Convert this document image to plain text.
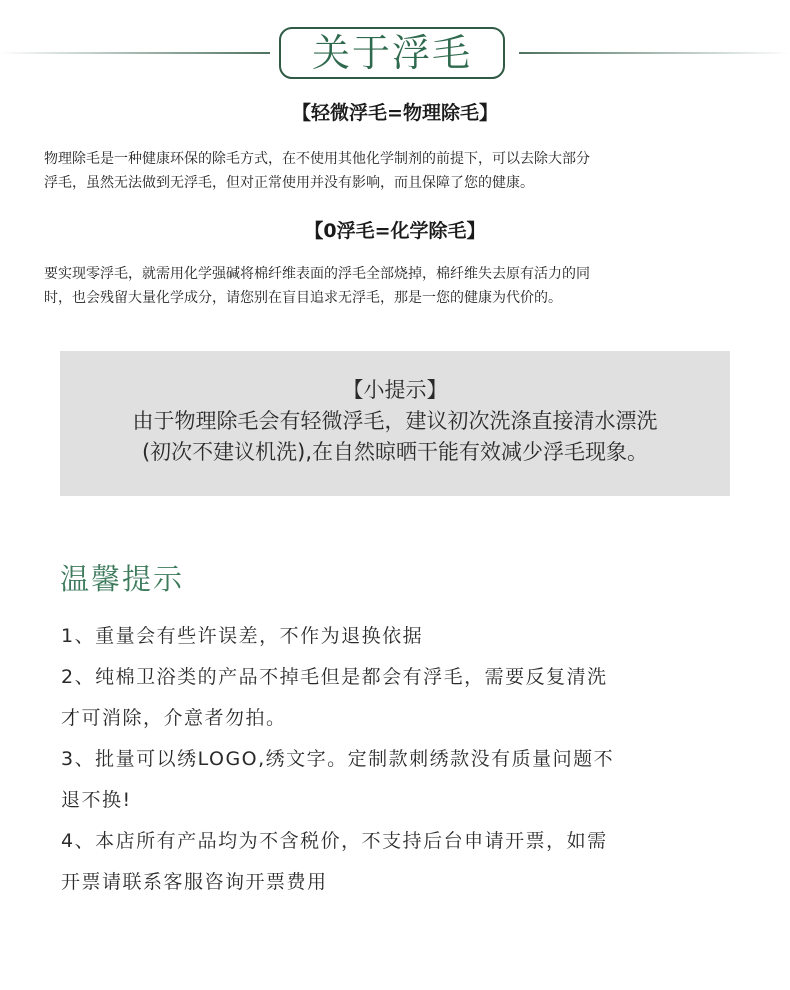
关于浮毛
【轻微浮毛=物理除毛】
物理除毛是一种健康环保的除毛方式，在不使用其他化学制剂的前提下，可以去除大部分
浮毛，虽然无法做到无浮毛，但对正常使用并没有影响，而且保障了您的健康。
【0浮毛=化学除毛】
要实现零浮毛，就需用化学强碱将棉纤维表面的浮毛全部烧掉，棉纤维失去原有活力的同
时，也会残留大量化学成分，请您别在盲目追求无浮毛，那是一您的健康为代价的。
【小提示】
由于物理除毛会有轻微浮毛，建议初次洗涤直接清水漂洗
(初次不建议机洗),在自然晾晒干能有效减少浮毛现象。
温馨提示
1、重量会有些许误差，不作为退换依据
2、纯棉卫浴类的产品不掉毛但是都会有浮毛，需要反复清洗
才可消除，介意者勿拍。
3、批量可以绣LOGO,绣文字。定制款刺绣款没有质量问题不
退不换!
4、本店所有产品均为不含税价，不支持后台申请开票，如需
开票请联系客服咨询开票费用
